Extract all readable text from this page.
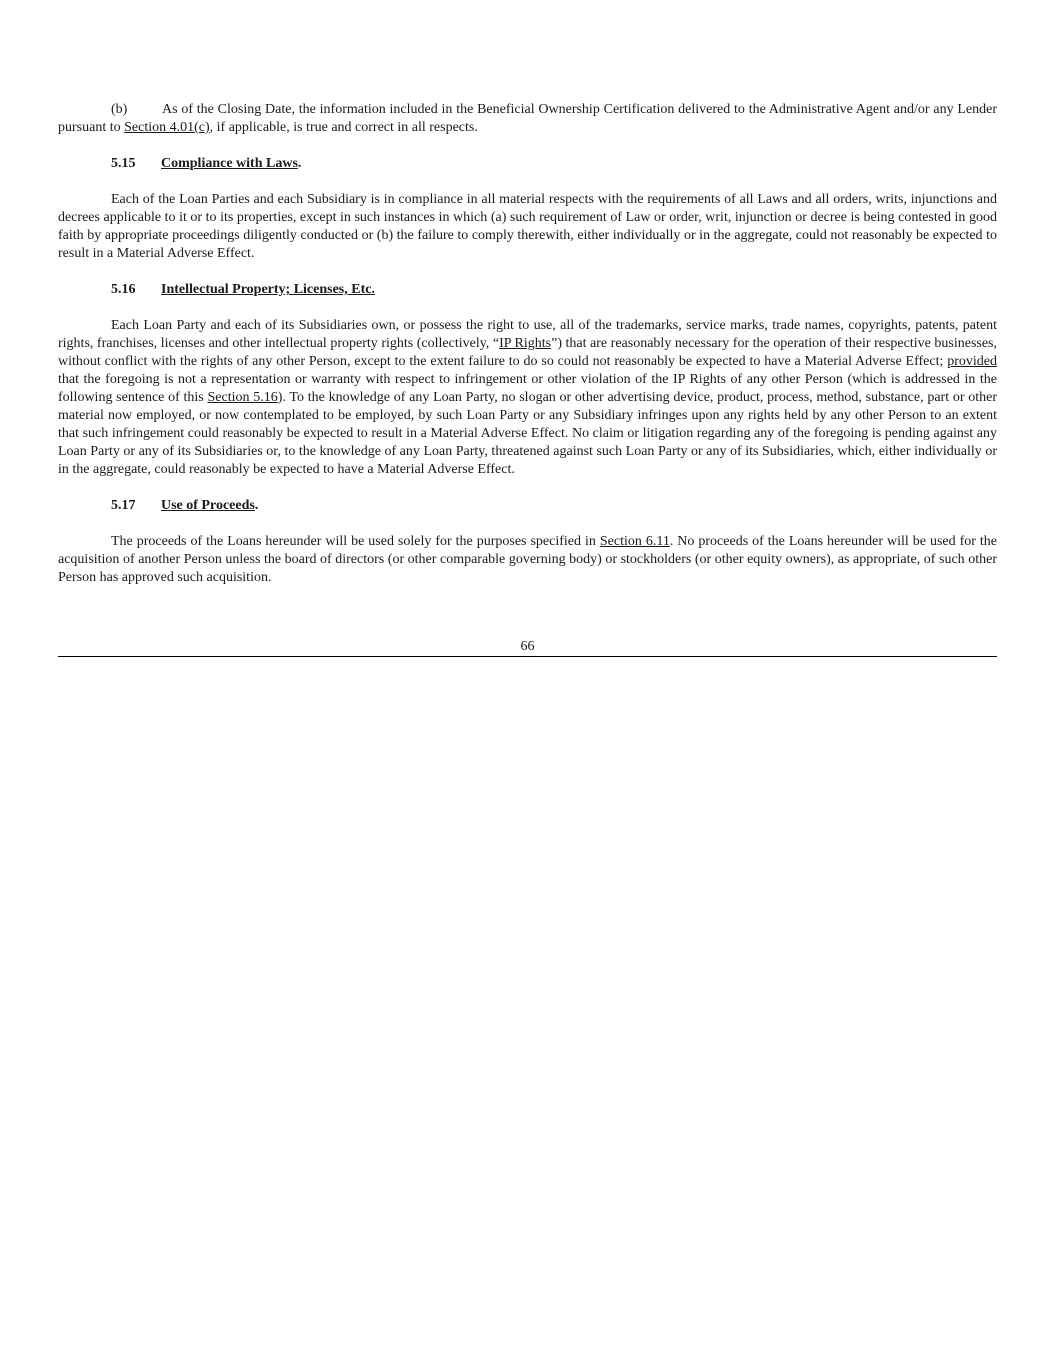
(b) As of the Closing Date, the information included in the Beneficial Ownership Certification delivered to the Administrative Agent and/or any Lender pursuant to Section 4.01(c), if applicable, is true and correct in all respects.

5.15 Compliance with Laws.

Each of the Loan Parties and each Subsidiary is in compliance in all material respects with the requirements of all Laws and all orders, writs, injunctions and decrees applicable to it or to its properties, except in such instances in which (a) such requirement of Law or order, writ, injunction or decree is being contested in good faith by appropriate proceedings diligently conducted or (b) the failure to comply therewith, either individually or in the aggregate, could not reasonably be expected to result in a Material Adverse Effect.

5.16 Intellectual Property; Licenses, Etc.

Each Loan Party and each of its Subsidiaries own, or possess the right to use, all of the trademarks, service marks, trade names, copyrights, patents, patent rights, franchises, licenses and other intellectual property rights (collectively, “IP Rights”) that are reasonably necessary for the operation of their respective businesses, without conflict with the rights of any other Person, except to the extent failure to do so could not reasonably be expected to have a Material Adverse Effect; provided that the foregoing is not a representation or warranty with respect to infringement or other violation of the IP Rights of any other Person (which is addressed in the following sentence of this Section 5.16). To the knowledge of any Loan Party, no slogan or other advertising device, product, process, method, substance, part or other material now employed, or now contemplated to be employed, by such Loan Party or any Subsidiary infringes upon any rights held by any other Person to an extent that such infringement could reasonably be expected to result in a Material Adverse Effect. No claim or litigation regarding any of the foregoing is pending against any Loan Party or any of its Subsidiaries or, to the knowledge of any Loan Party, threatened against such Loan Party or any of its Subsidiaries, which, either individually or in the aggregate, could reasonably be expected to have a Material Adverse Effect.

5.17 Use of Proceeds.

The proceeds of the Loans hereunder will be used solely for the purposes specified in Section 6.11. No proceeds of the Loans hereunder will be used for the acquisition of another Person unless the board of directors (or other comparable governing body) or stockholders (or other equity owners), as appropriate, of such other Person has approved such acquisition.

66
